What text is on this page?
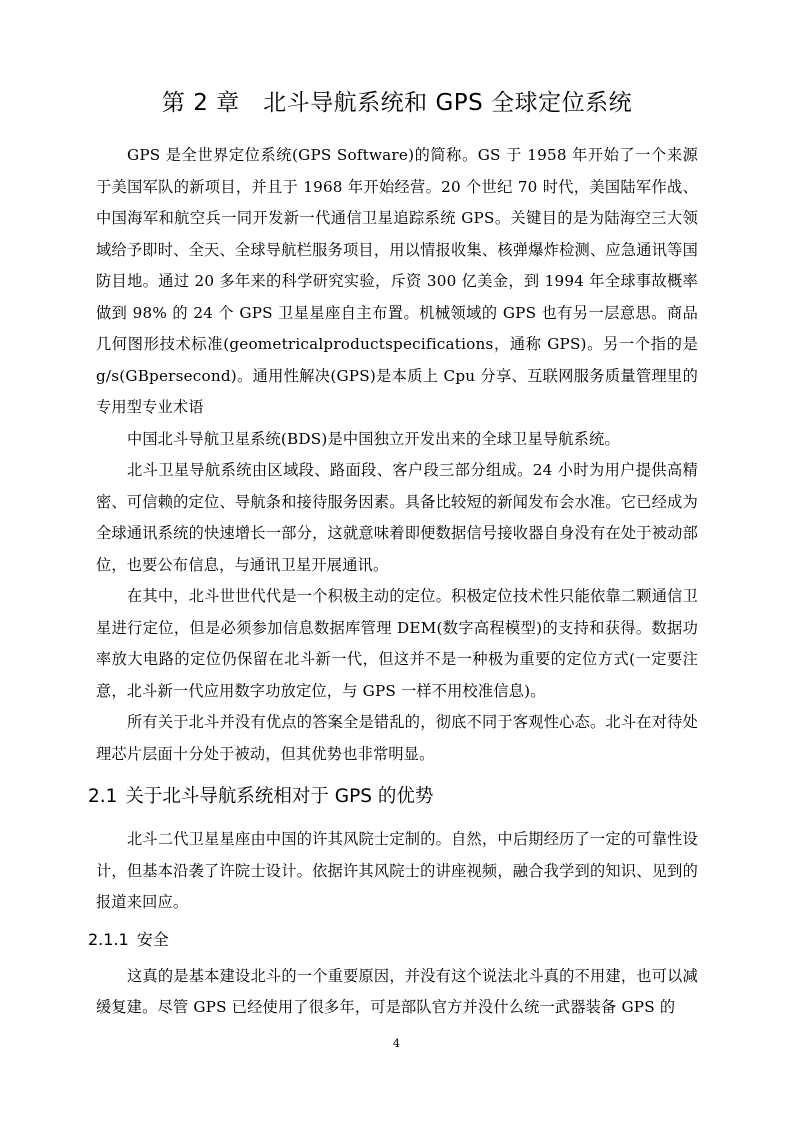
第 2 章　北斗导航系统和 GPS 全球定位系统

GPS 是全世界定位系统(GPS Software)的简称。GS 于 1958 年开始了一个来源于美国军队的新项目，并且于 1968 年开始经营。20 个世纪 70 时代，美国陆军作战、中国海军和航空兵一同开发新一代通信卫星追踪系统 GPS。关键目的是为陆海空三大领域给予即时、全天、全球导航栏服务项目，用以情报收集、核弹爆炸检测、应急通讯等国防目地。通过 20 多年来的科学研究实验，斥资 300 亿美金，到 1994 年全球事故概率做到 98% 的 24 个 GPS 卫星星座自主布置。机械领域的 GPS 也有另一层意思。商品几何图形技术标准(geometricalproductspecifications，通称 GPS)。另一个指的是 g/s(GBpersecond)。通用性解决(GPS)是本质上 Cpu 分享、互联网服务质量管理里的专用型专业术语

中国北斗导航卫星系统(BDS)是中国独立开发出来的全球卫星导航系统。

北斗卫星导航系统由区域段、路面段、客户段三部分组成。24 小时为用户提供高精密、可信赖的定位、导航条和接待服务因素。具备比较短的新闻发布会水准。它已经成为全球通讯系统的快速增长一部分，这就意味着即便数据信号接收器自身没有在处于被动部位，也要公布信息，与通讯卫星开展通讯。

在其中，北斗世世代代是一个积极主动的定位。积极定位技术性只能依靠二颗通信卫星进行定位，但是必须参加信息数据库管理 DEM(数字高程模型)的支持和获得。数据功率放大电路的定位仍保留在北斗新一代，但这并不是一种极为重要的定位方式(一定要注意，北斗新一代应用数字功放定位，与 GPS 一样不用校准信息)。

所有关于北斗并没有优点的答案全是错乱的，彻底不同于客观性心态。北斗在对待处理芯片层面十分处于被动，但其优势也非常明显。

2.1 关于北斗导航系统相对于 GPS 的优势

北斗二代卫星星座由中国的许其风院士定制的。自然，中后期经历了一定的可靠性设计，但基本沿袭了许院士设计。依据许其风院士的讲座视频，融合我学到的知识、见到的报道来回应。

2.1.1 安全

这真的是基本建设北斗的一个重要原因，并没有这个说法北斗真的不用建，也可以减缓复建。尽管 GPS 已经使用了很多年，可是部队官方并没什么统一武器装备 GPS 的

4
